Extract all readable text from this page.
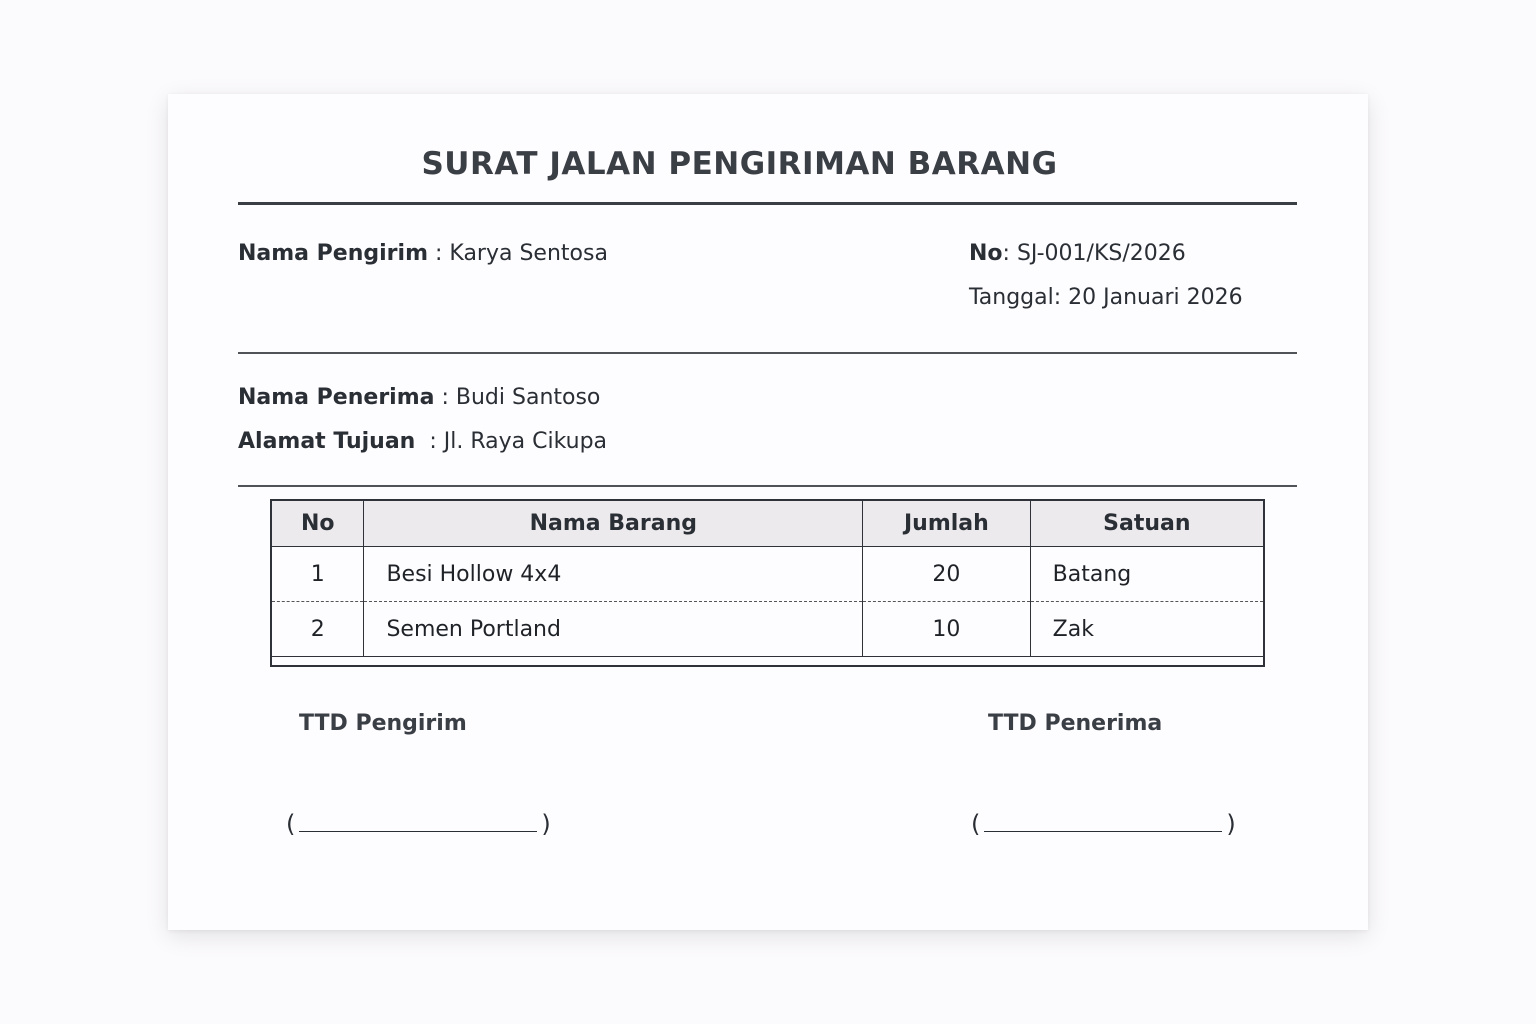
SURAT JALAN PENGIRIMAN BARANG
Nama Pengirim : Karya Sentosa	No: SJ-001/KS/2026
Tanggal: 20 Januari 2026
Nama Penerima : Budi Santoso
Alamat Tujuan  : Jl. Raya Cikupa
No	Nama Barang	Jumlah	Satuan
1	Besi Hollow 4x4	20	Batang
2	Semen Portland	10	Zak

TTD Pengirim
(	)
TTD Penerima
(	)
